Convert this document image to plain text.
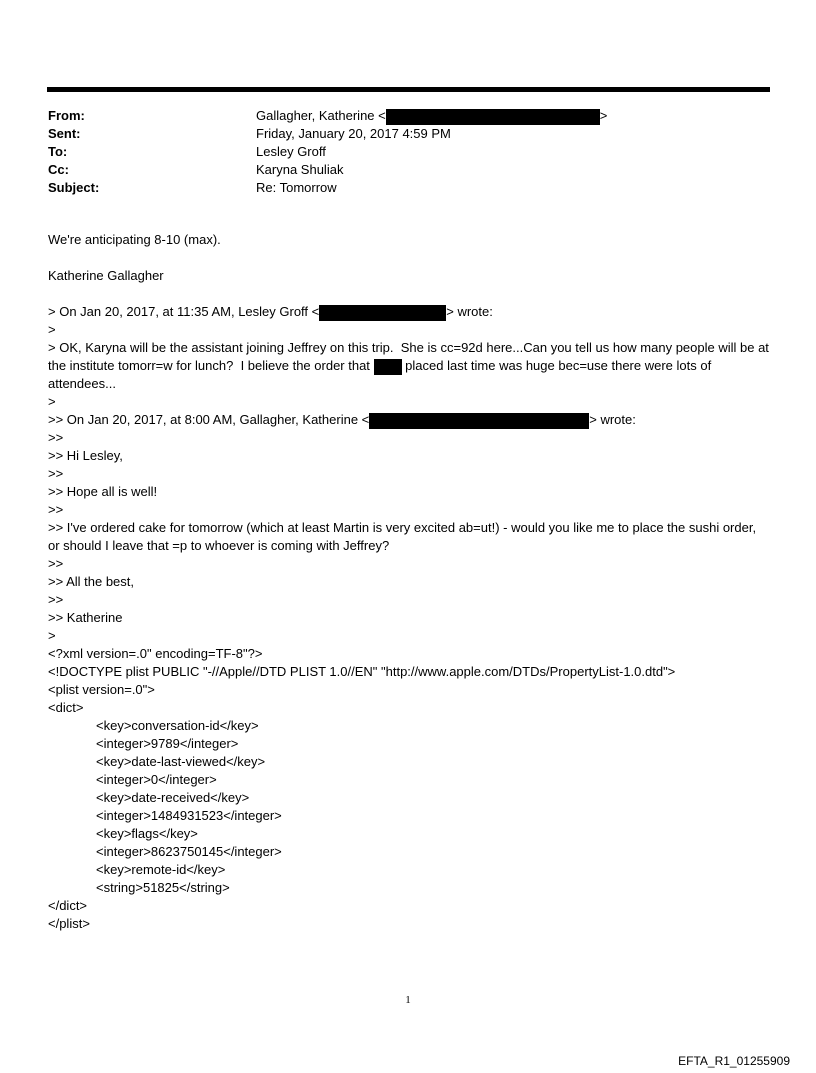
From:	Gallagher, Katherine <	>
Sent:	Friday, January 20, 2017 4:59 PM
To:	Lesley Groff
Cc:	Karyna Shuliak
Subject:	Re: Tomorrow
We're anticipating 8-10 (max).
Katherine Gallagher
> On Jan 20, 2017, at 11:35 AM, Lesley Groff <	> wrote:
>
> OK, Karyna will be the assistant joining Jeffrey on this trip.  She is cc=92d here...Can you tell us how many people will be at the institute tomorr=w for lunch?  I believe the order that  placed last time was huge bec=use there were lots of attendees...
>
>> On Jan 20, 2017, at 8:00 AM, Gallagher, Katherine <	> wrote:
>>
>> Hi Lesley,
>>
>> Hope all is well!
>>
>> I've ordered cake for tomorrow (which at least Martin is very excited ab=ut!) - would you like me to place the sushi order, or should I leave that =p to whoever is coming with Jeffrey?
>>
>> All the best,
>>
>> Katherine
>
<?xml version=.0" encoding=TF-8"?>
<!DOCTYPE plist PUBLIC "-//Apple//DTD PLIST 1.0//EN" "http://www.apple.com/DTDs/PropertyList-1.0.dtd">
<plist version=.0">
<dict>
<key>conversation-id</key>
<integer>9789</integer>
<key>date-last-viewed</key>
<integer>0</integer>
<key>date-received</key>
<integer>1484931523</integer>
<key>flags</key>
<integer>8623750145</integer>
<key>remote-id</key>
<string>51825</string>
</dict>
</plist>
1
EFTA_R1_01255909
